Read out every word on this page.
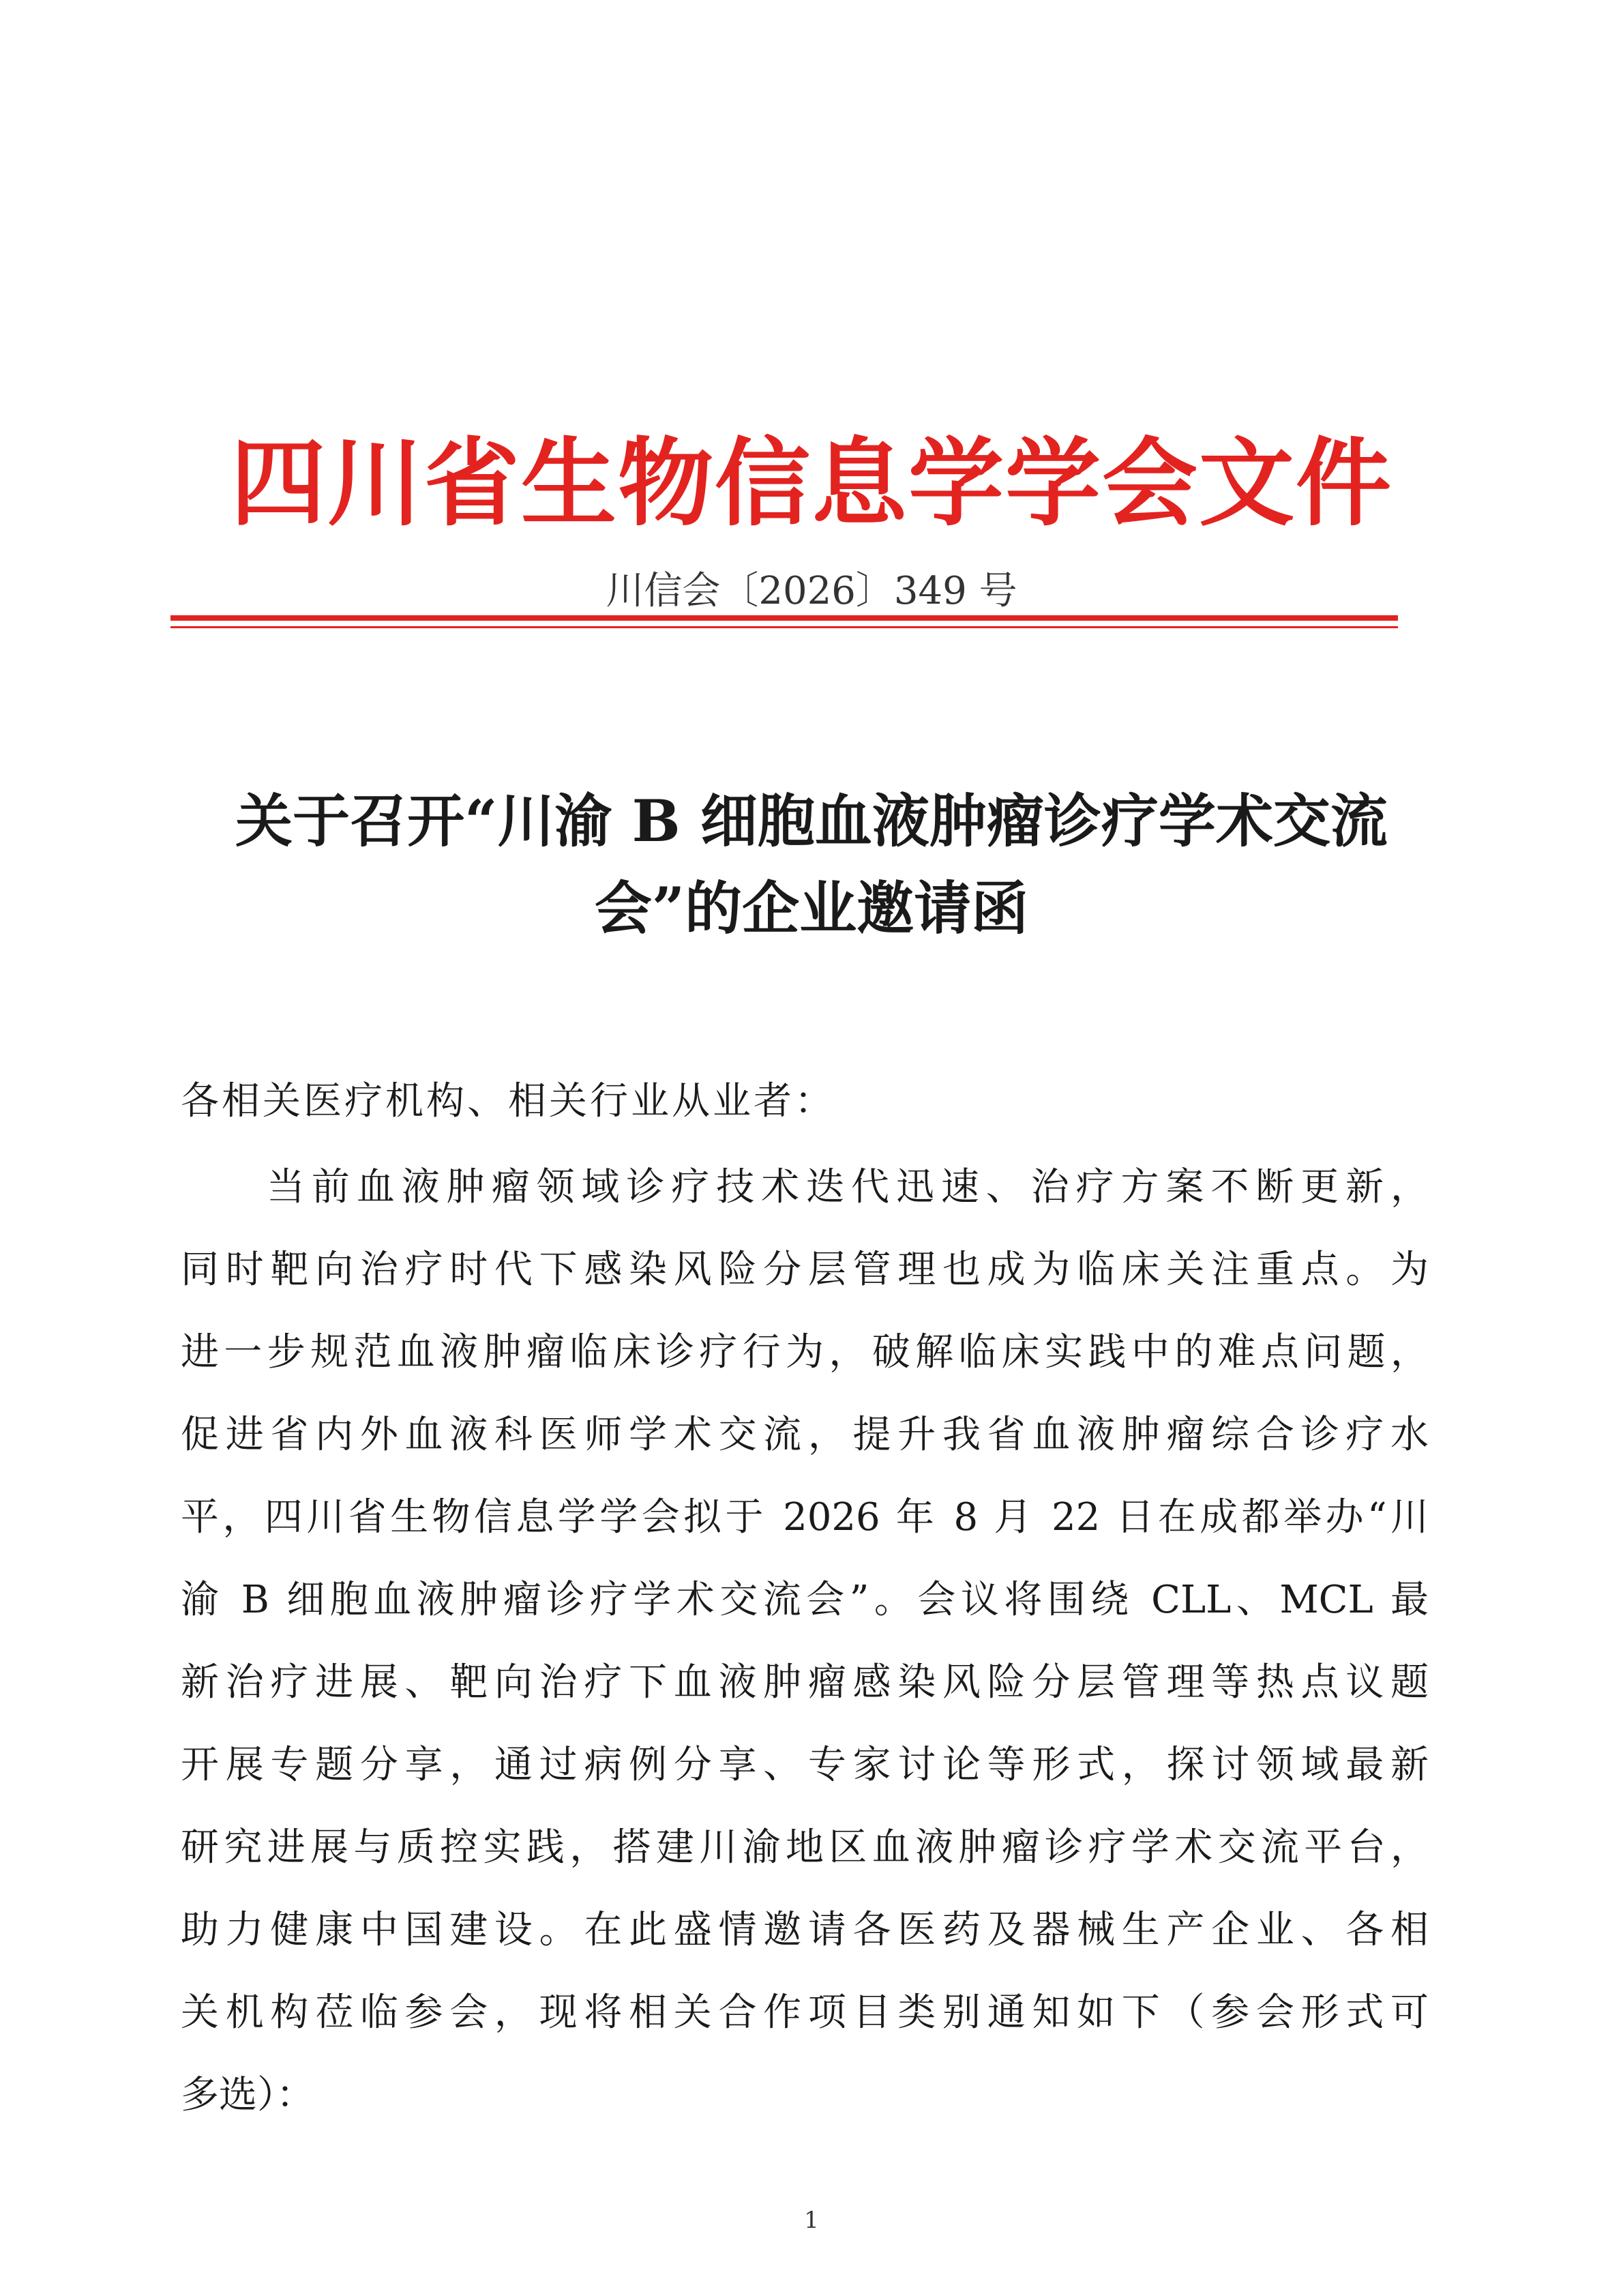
四川省生物信息学学会文件
川信会〔2026〕349 号
关于召开“川渝 B 细胞血液肿瘤诊疗学术交流
会”的企业邀请函
各相关医疗机构、相关行业从业者：
当前血液肿瘤领域诊疗技术迭代迅速、治疗方案不断更新，
同时靶向治疗时代下感染风险分层管理也成为临床关注重点。为
进一步规范血液肿瘤临床诊疗行为，破解临床实践中的难点问题，
促进省内外血液科医师学术交流，提升我省血液肿瘤综合诊疗水
平，四川省生物信息学学会拟于 2026 年 8 月 22 日在成都举办“川
渝 B 细胞血液肿瘤诊疗学术交流会”。会议将围绕 CLL、MCL 最
新治疗进展、靶向治疗下血液肿瘤感染风险分层管理等热点议题
开展专题分享，通过病例分享、专家讨论等形式，探讨领域最新
研究进展与质控实践，搭建川渝地区血液肿瘤诊疗学术交流平台，
助力健康中国建设。在此盛情邀请各医药及器械生产企业、各相
关机构莅临参会，现将相关合作项目类别通知如下（参会形式可
多选）：
1
